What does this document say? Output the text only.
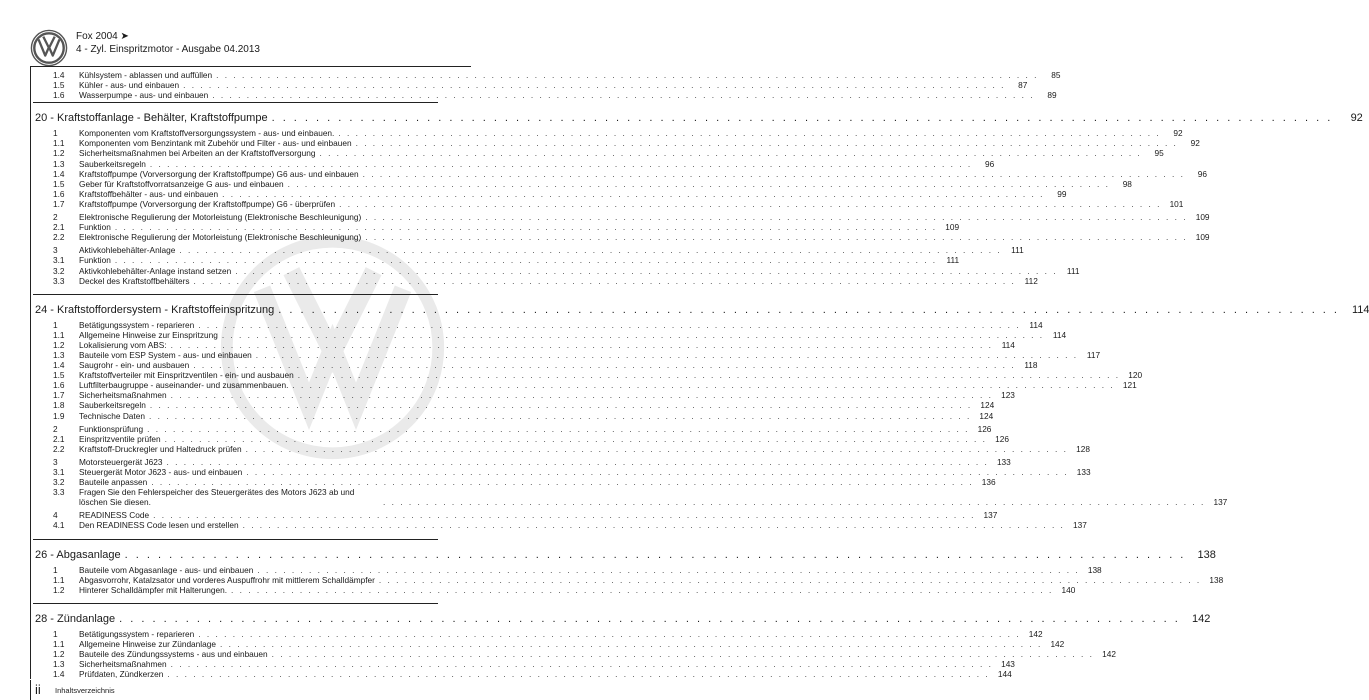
Fox 2004 ➤
4 - Zyl. Einspritzmotor - Ausgabe 04.2013
1.4	Kühlsystem - ablassen und auffüllen . . . . . . . . . . . . . . . . . . . . . . . . . . . . . . . . . . . . . . . . . . . . . . . . . . . . . . . . . . . . . . . . . . . . . . . . . . . . . . . . . . . . . . . . . . . . . . . .	85
1.5	Kühler - aus- und einbauen . . . . . . . . . . . . . . . . . . . . . . . . . . . . . . . . . . . . . . . . . . . . . . . . . . . . . . . . . . . . . . . . . . . . . . . . . . . . . . . . . . . . . . . . . . . . . . . .	87
1.6	Wasserpumpe - aus- und einbauen . . . . . . . . . . . . . . . . . . . . . . . . . . . . . . . . . . . . . . . . . . . . . . . . . . . . . . . . . . . . . . . . . . . . . . . . . . . . . . . . . . . . . . . . . . . . . . . .	89
20 - Kraftstoffanlage - Behälter, Kraftstoffpumpe . . . . . . . . . . . . . . . . . . . . . . . . . . . . . . . . . . . . . . . . . . . . . . . . . . . . . . . . . . . . . . . . . . . . . . . . . . . . . . . . . . . . . . . . . . . . . . . .	92
1	Komponenten vom Kraftstoffversorgungssystem - aus- und einbauen. . . . . . . . . . . . . . . . . . . . . . . . . . . . . . . . . . . . . . . . . . . . . . . . . . . . . . . . . . . . . . . . . . . . . . . . . . . . . . . . . . . . . . . . . . . . . . . . .	92
1.1	Komponenten vom Benzintank mit Zubehör und Filter - aus- und einbauen . . . . . . . . . . . . . . . . . . . . . . . . . . . . . . . . . . . . . . . . . . . . . . . . . . . . . . . . . . . . . . . . . . . . . . . . . . . . . . . . . . . . . . . . . . . . . . . .	92
1.2	Sicherheitsmaßnahmen bei Arbeiten an der Kraftstoffversorgung . . . . . . . . . . . . . . . . . . . . . . . . . . . . . . . . . . . . . . . . . . . . . . . . . . . . . . . . . . . . . . . . . . . . . . . . . . . . . . . . . . . . . . . . . . . . . . . .	95
1.3	Sauberkeitsregeln . . . . . . . . . . . . . . . . . . . . . . . . . . . . . . . . . . . . . . . . . . . . . . . . . . . . . . . . . . . . . . . . . . . . . . . . . . . . . . . . . . . . . . . . . . . . . . . .	96
1.4	Kraftstoffpumpe (Vorversorgung der Kraftstoffpumpe) G6 aus- und einbauen . . . . . . . . . . . . . . . . . . . . . . . . . . . . . . . . . . . . . . . . . . . . . . . . . . . . . . . . . . . . . . . . . . . . . . . . . . . . . . . . . . . . . . . . . . . . . . . .	96
1.5	Geber für Kraftstoffvorratsanzeige G aus- und einbauen . . . . . . . . . . . . . . . . . . . . . . . . . . . . . . . . . . . . . . . . . . . . . . . . . . . . . . . . . . . . . . . . . . . . . . . . . . . . . . . . . . . . . . . . . . . . . . . .	98
1.6	Kraftstoffbehälter - aus- und einbauen . . . . . . . . . . . . . . . . . . . . . . . . . . . . . . . . . . . . . . . . . . . . . . . . . . . . . . . . . . . . . . . . . . . . . . . . . . . . . . . . . . . . . . . . . . . . . . . .	99
1.7	Kraftstoffpumpe (Vorversorgung der Kraftstoffpumpe) G6 - überprüfen . . . . . . . . . . . . . . . . . . . . . . . . . . . . . . . . . . . . . . . . . . . . . . . . . . . . . . . . . . . . . . . . . . . . . . . . . . . . . . . . . . . . . . . . . . . . . . . . 101
2	Elektronische Regulierung der Motorleistung (Elektronische Beschleunigung) . . . . . . . . . . . . . . . . . . . . . . . . . . . . . . . . . . . . . . . . . . . . . . . . . . . . . . . . . . . . . . . . . . . . . . . . . . . . . . . . . . . . . . . . . . . . . . . . 109
2.1	Funktion . . . . . . . . . . . . . . . . . . . . . . . . . . . . . . . . . . . . . . . . . . . . . . . . . . . . . . . . . . . . . . . . . . . . . . . . . . . . . . . . . . . . . . . . . . . . . . . . 109
2.2	Elektronische Regulierung der Motorleistung (Elektronische Beschleunigung) . . . . . . . . . . . . . . . . . . . . . . . . . . . . . . . . . . . . . . . . . . . . . . . . . . . . . . . . . . . . . . . . . . . . . . . . . . . . . . . . . . . . . . . . . . . . . . . . 109
3	Aktivkohlebehälter-Anlage . . . . . . . . . . . . . . . . . . . . . . . . . . . . . . . . . . . . . . . . . . . . . . . . . . . . . . . . . . . . . . . . . . . . . . . . . . . . . . . . . . . . . . . . . . . . . . . .	111
3.1	Funktion . . . . . . . . . . . . . . . . . . . . . . . . . . . . . . . . . . . . . . . . . . . . . . . . . . . . . . . . . . . . . . . . . . . . . . . . . . . . . . . . . . . . . . . . . . . . . . . .	111
3.2	Aktivkohlebehälter-Anlage instand setzen . . . . . . . . . . . . . . . . . . . . . . . . . . . . . . . . . . . . . . . . . . . . . . . . . . . . . . . . . . . . . . . . . . . . . . . . . . . . . . . . . . . . . . . . . . . . . . . .	111
3.3	Deckel des Kraftstoffbehälters . . . . . . . . . . . . . . . . . . . . . . . . . . . . . . . . . . . . . . . . . . . . . . . . . . . . . . . . . . . . . . . . . . . . . . . . . . . . . . . . . . . . . . . . . . . . . . . .	112
24 - Kraftstoffordersystem - Kraftstoffeinspritzung . . . . . . . . . . . . . . . . . . . . . . . . . . . . . . . . . . . . . . . . . . . . . . . . . . . . . . . . . . . . . . . . . . . . . . . . . . . . . . . . . . . . . . . . . . . . . . . .	114
1	Betätigungssystem - reparieren . . . . . . . . . . . . . . . . . . . . . . . . . . . . . . . . . . . . . . . . . . . . . . . . . . . . . . . . . . . . . . . . . . . . . . . . . . . . . . . . . . . . . . . . . . . . . . . .	114
1.1	Allgemeine Hinweise zur Einspritzung . . . . . . . . . . . . . . . . . . . . . . . . . . . . . . . . . . . . . . . . . . . . . . . . . . . . . . . . . . . . . . . . . . . . . . . . . . . . . . . . . . . . . . . . . . . . . . . .	114
1.2	Lokalisierung vom ABS: . . . . . . . . . . . . . . . . . . . . . . . . . . . . . . . . . . . . . . . . . . . . . . . . . . . . . . . . . . . . . . . . . . . . . . . . . . . . . . . . . . . . . . . . . . . . . . . .	114
1.3	Bauteile vom ESP System - aus- und einbauen . . . . . . . . . . . . . . . . . . . . . . . . . . . . . . . . . . . . . . . . . . . . . . . . . . . . . . . . . . . . . . . . . . . . . . . . . . . . . . . . . . . . . . . . . . . . . . . .	117
1.4	Saugrohr - ein- und ausbauen . . . . . . . . . . . . . . . . . . . . . . . . . . . . . . . . . . . . . . . . . . . . . . . . . . . . . . . . . . . . . . . . . . . . . . . . . . . . . . . . . . . . . . . . . . . . . . . .	118
1.5	Kraftstoffverteiler mit Einspritzventilen - ein- und ausbauen . . . . . . . . . . . . . . . . . . . . . . . . . . . . . . . . . . . . . . . . . . . . . . . . . . . . . . . . . . . . . . . . . . . . . . . . . . . . . . . . . . . . . . . . . . . . . . . . 120
1.6	Luftfilterbaugruppe - auseinander- und zusammenbauen. . . . . . . . . . . . . . . . . . . . . . . . . . . . . . . . . . . . . . . . . . . . . . . . . . . . . . . . . . . . . . . . . . . . . . . . . . . . . . . . . . . . . . . . . . . . . . . . . 121
1.7	Sicherheitsmaßnahmen . . . . . . . . . . . . . . . . . . . . . . . . . . . . . . . . . . . . . . . . . . . . . . . . . . . . . . . . . . . . . . . . . . . . . . . . . . . . . . . . . . . . . . . . . . . . . . . . 123
1.8	Sauberkeitsregeln . . . . . . . . . . . . . . . . . . . . . . . . . . . . . . . . . . . . . . . . . . . . . . . . . . . . . . . . . . . . . . . . . . . . . . . . . . . . . . . . . . . . . . . . . . . . . . . . 124
1.9	Technische Daten . . . . . . . . . . . . . . . . . . . . . . . . . . . . . . . . . . . . . . . . . . . . . . . . . . . . . . . . . . . . . . . . . . . . . . . . . . . . . . . . . . . . . . . . . . . . . . . . 124
2	Funktionsprüfung . . . . . . . . . . . . . . . . . . . . . . . . . . . . . . . . . . . . . . . . . . . . . . . . . . . . . . . . . . . . . . . . . . . . . . . . . . . . . . . . . . . . . . . . . . . . . . . . 126
2.1	Einspritzventile prüfen . . . . . . . . . . . . . . . . . . . . . . . . . . . . . . . . . . . . . . . . . . . . . . . . . . . . . . . . . . . . . . . . . . . . . . . . . . . . . . . . . . . . . . . . . . . . . . . . 126
2.2	Kraftstoff-Druckregler und Haltedruck prüfen . . . . . . . . . . . . . . . . . . . . . . . . . . . . . . . . . . . . . . . . . . . . . . . . . . . . . . . . . . . . . . . . . . . . . . . . . . . . . . . . . . . . . . . . . . . . . . . . 128
3	Motorsteuergerät J623 . . . . . . . . . . . . . . . . . . . . . . . . . . . . . . . . . . . . . . . . . . . . . . . . . . . . . . . . . . . . . . . . . . . . . . . . . . . . . . . . . . . . . . . . . . . . . . . . 133
3.1	Steuergerät Motor J623 - aus- und einbauen . . . . . . . . . . . . . . . . . . . . . . . . . . . . . . . . . . . . . . . . . . . . . . . . . . . . . . . . . . . . . . . . . . . . . . . . . . . . . . . . . . . . . . . . . . . . . . . . 133
3.2	Bauteile anpassen . . . . . . . . . . . . . . . . . . . . . . . . . . . . . . . . . . . . . . . . . . . . . . . . . . . . . . . . . . . . . . . . . . . . . . . . . . . . . . . . . . . . . . . . . . . . . . . . 136
3.3	Fragen Sie den Fehlerspeicher des Steuergerätes des Motors J623 ab und löschen Sie diesen.	. . . . . . . . . . . . . . . . . . . . . . . . . . . . . . . . . . . . . . . . . . . . . . . . . . . . . . . . . . . . . . . . . . . . . . . . . . . . . . . . . . . . . . . . . . . . . . . . 137
4	READINESS Code . . . . . . . . . . . . . . . . . . . . . . . . . . . . . . . . . . . . . . . . . . . . . . . . . . . . . . . . . . . . . . . . . . . . . . . . . . . . . . . . . . . . . . . . . . . . . . . . 137
4.1	Den READINESS Code lesen und erstellen . . . . . . . . . . . . . . . . . . . . . . . . . . . . . . . . . . . . . . . . . . . . . . . . . . . . . . . . . . . . . . . . . . . . . . . . . . . . . . . . . . . . . . . . . . . . . . . . 137
26 - Abgasanlage . . . . . . . . . . . . . . . . . . . . . . . . . . . . . . . . . . . . . . . . . . . . . . . . . . . . . . . . . . . . . . . . . . . . . . . . . . . . . . . . . . . . . . . . . . . . . . . .	138
1	Bauteile vom Abgasanlage - aus- und einbauen . . . . . . . . . . . . . . . . . . . . . . . . . . . . . . . . . . . . . . . . . . . . . . . . . . . . . . . . . . . . . . . . . . . . . . . . . . . . . . . . . . . . . . . . . . . . . . . . 138
1.1	Abgasvorrohr, Katalzsator und vorderes Auspuffrohr mit mittlerem Schalldämpfer . . . . . . . . . . . . . . . . . . . . . . . . . . . . . . . . . . . . . . . . . . . . . . . . . . . . . . . . . . . . . . . . . . . . . . . . . . . . . . . . . . . . . . . . . . . . . . . . 138
1.2	Hinterer Schalldämpfer mit Halterungen. . . . . . . . . . . . . . . . . . . . . . . . . . . . . . . . . . . . . . . . . . . . . . . . . . . . . . . . . . . . . . . . . . . . . . . . . . . . . . . . . . . . . . . . . . . . . . . . . 140
28 - Zündanlage . . . . . . . . . . . . . . . . . . . . . . . . . . . . . . . . . . . . . . . . . . . . . . . . . . . . . . . . . . . . . . . . . . . . . . . . . . . . . . . . . . . . . . . . . . . . . . . .	142
1	Betätigungssystem - reparieren . . . . . . . . . . . . . . . . . . . . . . . . . . . . . . . . . . . . . . . . . . . . . . . . . . . . . . . . . . . . . . . . . . . . . . . . . . . . . . . . . . . . . . . . . . . . . . . . 142
1.1	Allgemeine Hinweise zur Zündanlage . . . . . . . . . . . . . . . . . . . . . . . . . . . . . . . . . . . . . . . . . . . . . . . . . . . . . . . . . . . . . . . . . . . . . . . . . . . . . . . . . . . . . . . . . . . . . . . . 142
1.2	Bauteile des Zündungssystems - aus und einbauen . . . . . . . . . . . . . . . . . . . . . . . . . . . . . . . . . . . . . . . . . . . . . . . . . . . . . . . . . . . . . . . . . . . . . . . . . . . . . . . . . . . . . . . . . . . . . . . . 142
1.3	Sicherheitsmaßnahmen . . . . . . . . . . . . . . . . . . . . . . . . . . . . . . . . . . . . . . . . . . . . . . . . . . . . . . . . . . . . . . . . . . . . . . . . . . . . . . . . . . . . . . . . . . . . . . . . 143
1.4	Prüfdaten, Zündkerzen . . . . . . . . . . . . . . . . . . . . . . . . . . . . . . . . . . . . . . . . . . . . . . . . . . . . . . . . . . . . . . . . . . . . . . . . . . . . . . . . . . . . . . . . . . . . . . . . 144
ii Inhaltsverzeichnis
